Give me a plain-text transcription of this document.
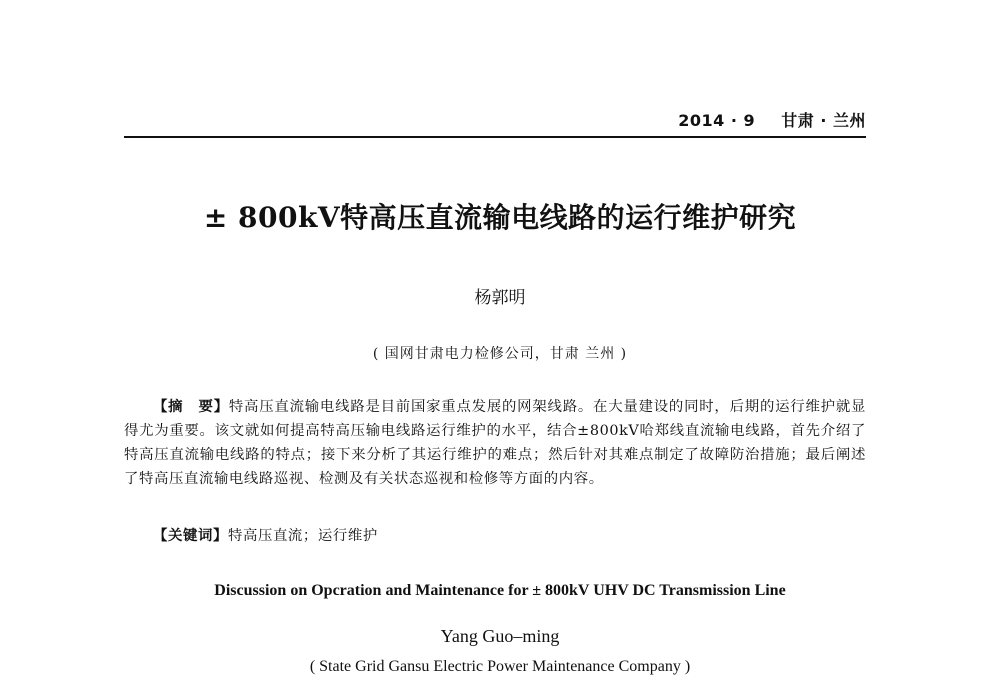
2014 · 9 甘肃 · 兰州
± 800kV特高压直流输电线路的运行维护研究
杨郭明
( 国网甘肃电力检修公司，甘肃 兰州 )
【摘　要】特高压直流输电线路是目前国家重点发展的网架线路。在大量建设的同时，后期的运行维护就显得尤为重要。该文就如何提高特高压输电线路运行维护的水平，结合±800kV哈郑线直流输电线路，首先介绍了特高压直流输电线路的特点；接下来分析了其运行维护的难点；然后针对其难点制定了故障防治措施；最后阐述了特高压直流输电线路巡视、检测及有关状态巡视和检修等方面的内容。
【关键词】特高压直流；运行维护
Discussion on Opcration and Maintenance for ± 800kV UHV DC Transmission Line
Yang Guo–ming
( State Grid Gansu Electric Power Maintenance Company )
